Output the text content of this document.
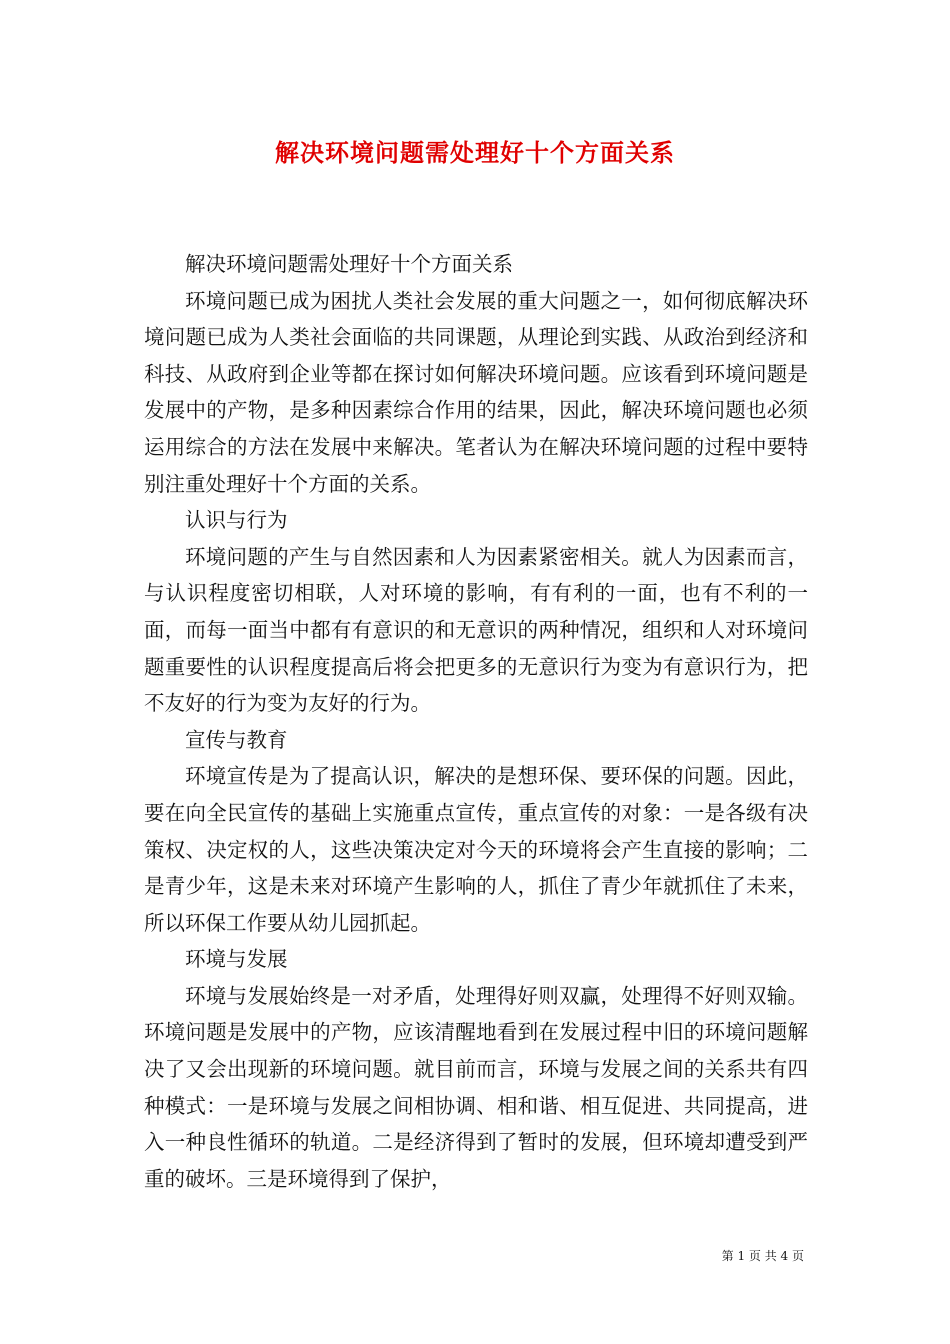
解决环境问题需处理好十个方面关系

解决环境问题需处理好十个方面关系

环境问题已成为困扰人类社会发展的重大问题之一，如何彻底解决环境问题已成为人类社会面临的共同课题，从理论到实践、从政治到经济和科技、从政府到企业等都在探讨如何解决环境问题。应该看到环境问题是发展中的产物，是多种因素综合作用的结果，因此，解决环境问题也必须运用综合的方法在发展中来解决。笔者认为在解决环境问题的过程中要特别注重处理好十个方面的关系。

认识与行为

环境问题的产生与自然因素和人为因素紧密相关。就人为因素而言，与认识程度密切相联，人对环境的影响，有有利的一面，也有不利的一面，而每一面当中都有有意识的和无意识的两种情况，组织和人对环境问题重要性的认识程度提高后将会把更多的无意识行为变为有意识行为，把不友好的行为变为友好的行为。

宣传与教育

环境宣传是为了提高认识，解决的是想环保、要环保的问题。因此，要在向全民宣传的基础上实施重点宣传，重点宣传的对象：一是各级有决策权、决定权的人，这些决策决定对今天的环境将会产生直接的影响；二是青少年，这是未来对环境产生影响的人，抓住了青少年就抓住了未来，所以环保工作要从幼儿园抓起。

环境与发展

环境与发展始终是一对矛盾，处理得好则双赢，处理得不好则双输。环境问题是发展中的产物，应该清醒地看到在发展过程中旧的环境问题解决了又会出现新的环境问题。就目前而言，环境与发展之间的关系共有四种模式：一是环境与发展之间相协调、相和谐、相互促进、共同提高，进入一种良性循环的轨道。二是经济得到了暂时的发展，但环境却遭受到严重的破坏。三是环境得到了保护，

第 1 页 共 4 页
